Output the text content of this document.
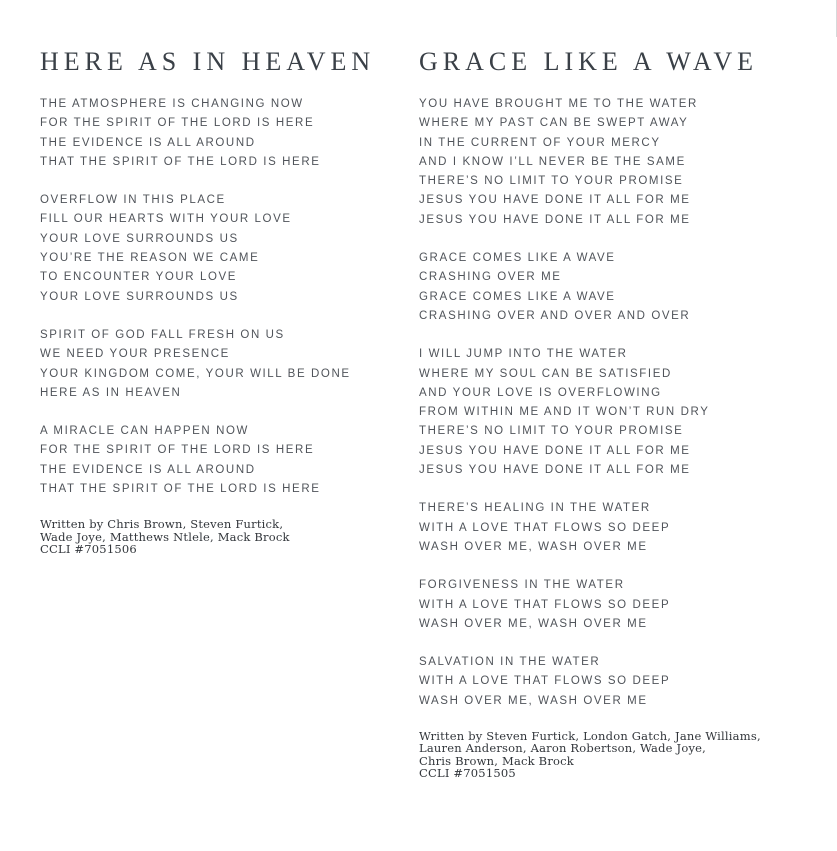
HERE AS IN HEAVEN
THE ATMOSPHERE IS CHANGING NOW
FOR THE SPIRIT OF THE LORD IS HERE
THE EVIDENCE IS ALL AROUND
THAT THE SPIRIT OF THE LORD IS HERE
OVERFLOW IN THIS PLACE
FILL OUR HEARTS WITH YOUR LOVE
YOUR LOVE SURROUNDS US
YOU’RE THE REASON WE CAME
TO ENCOUNTER YOUR LOVE
YOUR LOVE SURROUNDS US
SPIRIT OF GOD FALL FRESH ON US
WE NEED YOUR PRESENCE
YOUR KINGDOM COME, YOUR WILL BE DONE
HERE AS IN HEAVEN
A MIRACLE CAN HAPPEN NOW
FOR THE SPIRIT OF THE LORD IS HERE
THE EVIDENCE IS ALL AROUND
THAT THE SPIRIT OF THE LORD IS HERE
Written by Chris Brown, Steven Furtick,
Wade Joye, Matthews Ntlele, Mack Brock
CCLI #7051506
GRACE LIKE A WAVE
YOU HAVE BROUGHT ME TO THE WATER
WHERE MY PAST CAN BE SWEPT AWAY
IN THE CURRENT OF YOUR MERCY
AND I KNOW I’LL NEVER BE THE SAME
THERE’S NO LIMIT TO YOUR PROMISE
JESUS YOU HAVE DONE IT ALL FOR ME
JESUS YOU HAVE DONE IT ALL FOR ME
GRACE COMES LIKE A WAVE
CRASHING OVER ME
GRACE COMES LIKE A WAVE
CRASHING OVER AND OVER AND OVER
I WILL JUMP INTO THE WATER
WHERE MY SOUL CAN BE SATISFIED
AND YOUR LOVE IS OVERFLOWING
FROM WITHIN ME AND IT WON’T RUN DRY
THERE’S NO LIMIT TO YOUR PROMISE
JESUS YOU HAVE DONE IT ALL FOR ME
JESUS YOU HAVE DONE IT ALL FOR ME
THERE’S HEALING IN THE WATER
WITH A LOVE THAT FLOWS SO DEEP
WASH OVER ME, WASH OVER ME
FORGIVENESS IN THE WATER
WITH A LOVE THAT FLOWS SO DEEP
WASH OVER ME, WASH OVER ME
SALVATION IN THE WATER
WITH A LOVE THAT FLOWS SO DEEP
WASH OVER ME, WASH OVER ME
Written by Steven Furtick, London Gatch, Jane Williams,
Lauren Anderson, Aaron Robertson, Wade Joye,
Chris Brown, Mack Brock
CCLI #7051505
